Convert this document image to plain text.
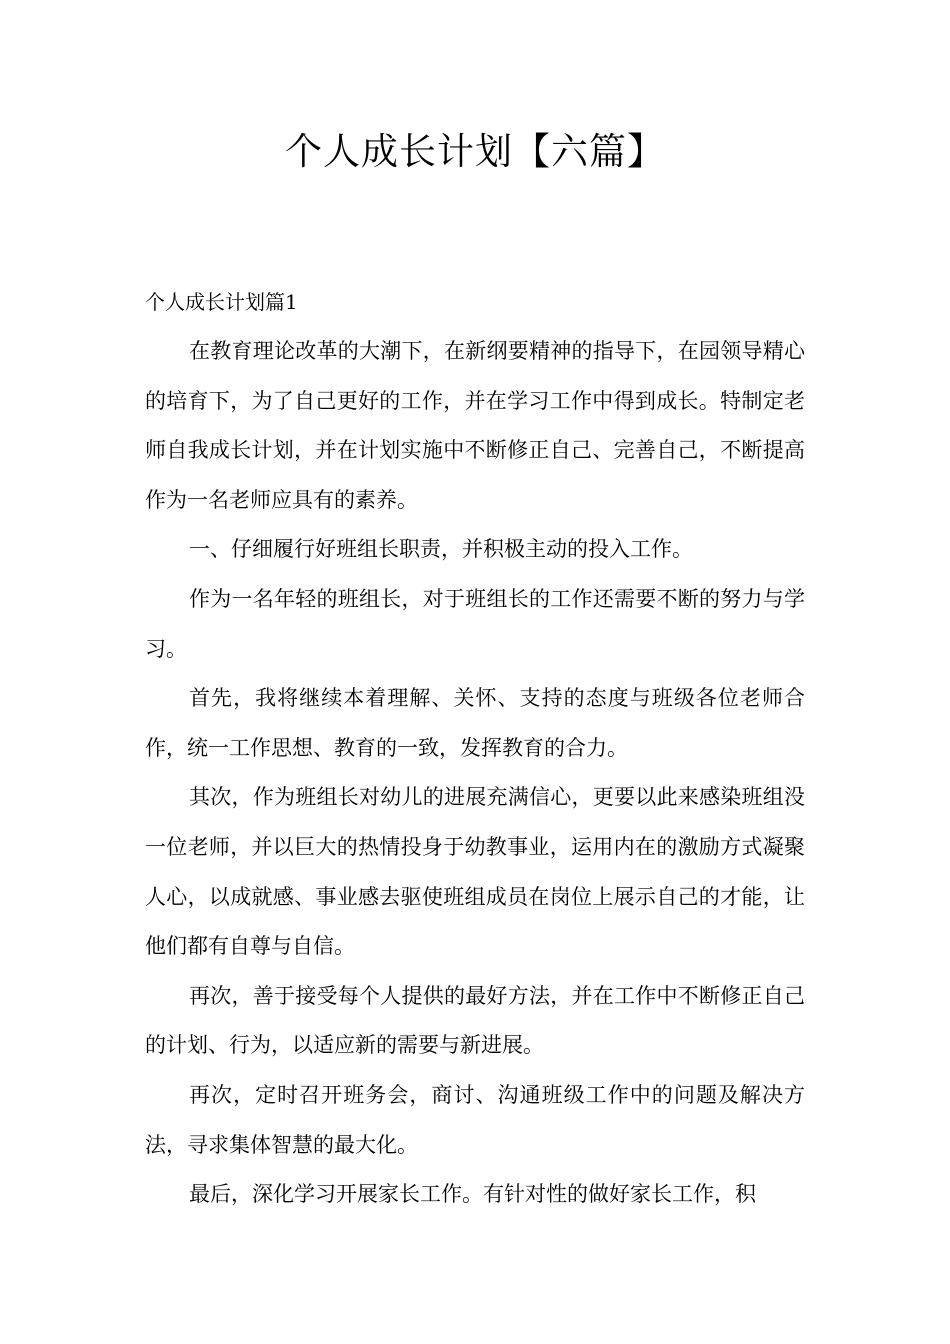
个人成长计划【六篇】
个人成长计划篇1

在教育理论改革的大潮下，在新纲要精神的指导下，在园领导精心的培育下，为了自己更好的工作，并在学习工作中得到成长。特制定老师自我成长计划，并在计划实施中不断修正自己、完善自己，不断提高作为一名老师应具有的素养。

一、仔细履行好班组长职责，并积极主动的投入工作。

作为一名年轻的班组长，对于班组长的工作还需要不断的努力与学习。

首先，我将继续本着理解、关怀、支持的态度与班级各位老师合作，统一工作思想、教育的一致，发挥教育的合力。

其次，作为班组长对幼儿的进展充满信心，更要以此来感染班组没一位老师，并以巨大的热情投身于幼教事业，运用内在的激励方式凝聚人心，以成就感、事业感去驱使班组成员在岗位上展示自己的才能，让他们都有自尊与自信。

再次，善于接受每个人提供的最好方法，并在工作中不断修正自己的计划、行为，以适应新的需要与新进展。

再次，定时召开班务会，商讨、沟通班级工作中的问题及解决方法，寻求集体智慧的最大化。

最后，深化学习开展家长工作。有针对性的做好家长工作，积
